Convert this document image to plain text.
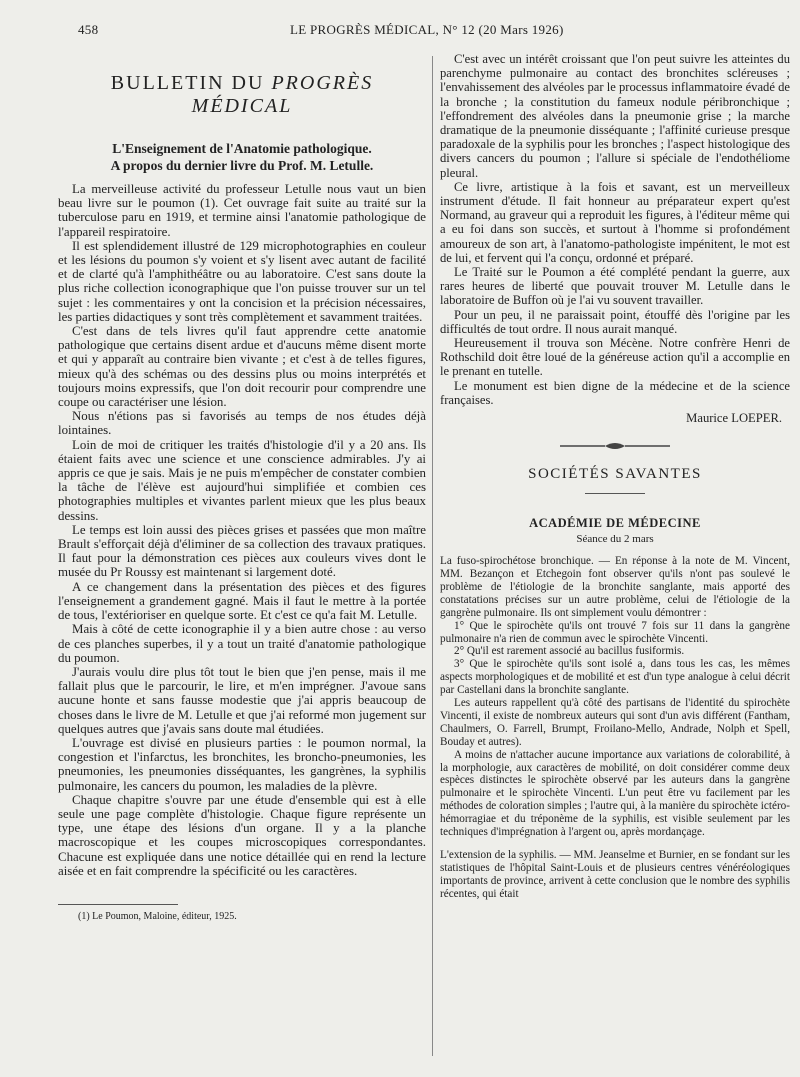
458	LE PROGRÈS MÉDICAL, N° 12 (20 Mars 1926)
BULLETIN DU PROGRÈS MÉDICAL
L'Enseignement de l'Anatomie pathologique.
A propos du dernier livre du Prof. M. Letulle.

La merveilleuse activité du professeur Letulle nous vaut un bien beau livre sur le poumon (1). Cet ouvrage fait suite au traité sur la tuberculose paru en 1919, et termine ainsi l'anatomie pathologique de l'appareil respiratoire.

Il est splendidement illustré de 129 microphotographies en couleur et les lésions du poumon s'y voient et s'y lisent avec autant de facilité et de clarté qu'à l'amphithéâtre ou au laboratoire. C'est sans doute la plus riche collection iconographique que l'on puisse trouver sur un tel sujet : les commentaires y ont la concision et la précision nécessaires, les parties didactiques y sont très complètement et savamment traitées.

C'est dans de tels livres qu'il faut apprendre cette anatomie pathologique que certains disent ardue et d'aucuns même disent morte et qui y apparaît au contraire bien vivante ; et c'est à de telles figures, mieux qu'à des schémas ou des dessins plus ou moins interprétés et toujours moins expressifs, que l'on doit recourir pour comprendre une coupe ou caractériser une lésion.

Nous n'étions pas si favorisés au temps de nos études déjà lointaines.

Loin de moi de critiquer les traités d'histologie d'il y a 20 ans. Ils étaient faits avec une science et une conscience admirables. J'y ai appris ce que je sais. Mais je ne puis m'empêcher de constater combien la tâche de l'élève est aujourd'hui simplifiée et combien ces photographies multiples et vivantes parlent mieux que les plus beaux dessins.

Le temps est loin aussi des pièces grises et passées que mon maître Brault s'efforçait déjà d'éliminer de sa collection des travaux pratiques. Il faut pour la démonstration ces pièces aux couleurs vives dont le musée du Pr Roussy est maintenant si largement doté.

A ce changement dans la présentation des pièces et des figures l'enseignement a grandement gagné. Mais il faut le mettre à la portée de tous, l'extérioriser en quelque sorte. Et c'est ce qu'a fait M. Letulle.

Mais à côté de cette iconographie il y a bien autre chose : au verso de ces planches superbes, il y a tout un traité d'anatomie pathologique du poumon.

J'aurais voulu dire plus tôt tout le bien que j'en pense, mais il me fallait plus que le parcourir, le lire, et m'en imprégner. J'avoue sans aucune honte et sans fausse modestie que j'ai appris beaucoup de choses dans le livre de M. Letulle et que j'ai reformé mon jugement sur quelques autres que j'avais sans doute mal étudiées.

L'ouvrage est divisé en plusieurs parties : le poumon normal, la congestion et l'infarctus, les bronchites, les broncho-pneumonies, les pneumonies, les pneumonies disséquantes, les gangrènes, la syphilis pulmonaire, les cancers du poumon, les maladies de la plèvre.

Chaque chapitre s'ouvre par une étude d'ensemble qui est à elle seule une page complète d'histologie. Chaque figure représente un type, une étape des lésions d'un organe. Il y a la planche macroscopique et les coupes microscopiques correspondantes. Chacune est expliquée dans une notice détaillée qui en rend la lecture aisée et en fait comprendre la spécificité ou les caractères.

(1) Le Poumon, Maloine, éditeur, 1925.

C'est avec un intérêt croissant que l'on peut suivre les atteintes du parenchyme pulmonaire au contact des bronchites scléreuses ; l'envahissement des alvéoles par le processus inflammatoire évadé de la bronche ; la constitution du fameux nodule péribronchique ; l'effondrement des alvéoles dans la pneumonie grise ; la marche dramatique de la pneumonie disséquante ; l'affinité curieuse presque paradoxale de la syphilis pour les bronches ; l'aspect histologique des divers cancers du poumon ; l'allure si spéciale de l'endothéliome pleural.

Ce livre, artistique à la fois et savant, est un merveilleux instrument d'étude. Il fait honneur au préparateur expert qu'est Normand, au graveur qui a reproduit les figures, à l'éditeur même qui a eu foi dans son succès, et surtout à l'homme si profondément amoureux de son art, à l'anatomo-pathologiste impénitent, le mot est de lui, et fervent qui l'a conçu, ordonné et préparé.

Le Traité sur le Poumon a été complété pendant la guerre, aux rares heures de liberté que pouvait trouver M. Letulle dans le laboratoire de Buffon où je l'ai vu souvent travailler.

Pour un peu, il ne paraissait point, étouffé dès l'origine par les difficultés de tout ordre. Il nous aurait manqué.

Heureusement il trouva son Mécène. Notre confrère Henri de Rothschild doit être loué de la généreuse action qu'il a accomplie en le prenant en tutelle.

Le monument est bien digne de la médecine et de la science françaises.

Maurice LOEPER.
SOCIÉTÉS SAVANTES
ACADÉMIE DE MÉDECINE
Séance du 2 mars

La fuso-spirochétose bronchique. — En réponse à la note de M. Vincent, MM. Bezançon et Etchegoin font observer qu'ils n'ont pas soulevé le problème de l'étiologie de la bronchite sanglante, mais apporté des constatations précises sur un autre problème, celui de l'étiologie de la gangrène pulmonaire. Ils ont simplement voulu démontrer :

1° Que le spirochète qu'ils ont trouvé 7 fois sur 11 dans la gangrène pulmonaire n'a rien de commun avec le spirochète Vincenti.

2° Qu'il est rarement associé au bacillus fusiformis.

3° Que le spirochète qu'ils sont isolé a, dans tous les cas, les mêmes aspects morphologiques et de mobilité et est d'un type analogue à celui décrit par Castellani dans la bronchite sanglante.

Les auteurs rappellent qu'à côté des partisans de l'identité du spirochète Vincenti, il existe de nombreux auteurs qui sont d'un avis différent (Fantham, Chaulmers, O. Farrell, Brumpt, Froilano-Mello, Andrade, Nolph et Spell, Bouday et autres).

A moins de n'attacher aucune importance aux variations de colorabilité, à la morphologie, aux caractères de mobilité, on doit considérer comme deux espèces distinctes le spirochète observé par les auteurs dans la gangrène pulmonaire et le spirochète Vincenti. L'un peut être vu facilement par les méthodes de coloration simples ; l'autre qui, à la manière du spirochète ictéro-hémorragiae et du tréponème de la syphilis, est visible seulement par les techniques d'imprégnation à l'argent ou, après mordançage.

L'extension de la syphilis. — MM. Jeanselme et Burnier, en se fondant sur les statistiques de l'hôpital Saint-Louis et de plusieurs centres vénéréologiques importants de province, arrivent à cette conclusion que le nombre des syphilis récentes, qui était
